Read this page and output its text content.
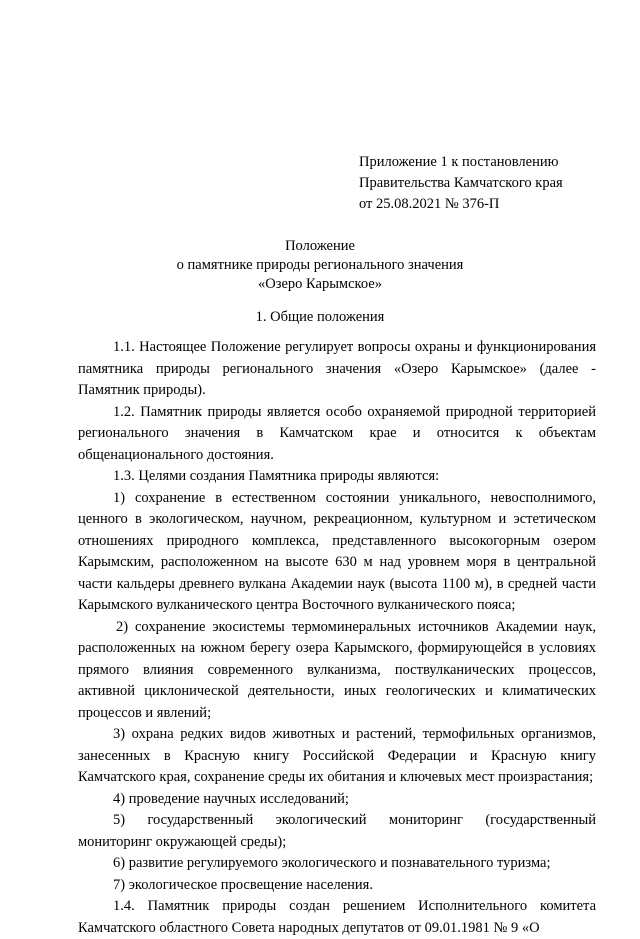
Приложение 1 к постановлению
Правительства Камчатского края
от 25.08.2021 № 376-П
Положение
о памятнике природы регионального значения
«Озеро Карымское»
1. Общие положения

1.1. Настоящее Положение регулирует вопросы охраны и функционирования памятника природы регионального значения «Озеро Карымское» (далее - Памятник природы).

1.2. Памятник природы является особо охраняемой природной территорией регионального значения в Камчатском крае и относится к объектам общенационального достояния.

1.3. Целями создания Памятника природы являются:

1) сохранение в естественном состоянии уникального, невосполнимого, ценного в экологическом, научном, рекреационном, культурном и эстетическом отношениях природного комплекса, представленного высокогорным озером Карымским, расположенном на высоте 630 м над уровнем моря в центральной части кальдеры древнего вулкана Академии наук (высота 1100 м), в средней части Карымского вулканического центра Восточного вулканического пояса;

2) сохранение экосистемы термоминеральных источников Академии наук, расположенных на южном берегу озера Карымского, формирующейся в условиях прямого влияния современного вулканизма, поствулканических процессов, активной циклонической деятельности, иных геологических и климатических процессов и явлений;

3) охрана редких видов животных и растений, термофильных организмов, занесенных в Красную книгу Российской Федерации и Красную книгу Камчатского края, сохранение среды их обитания и ключевых мест произрастания;

4) проведение научных исследований;

5) государственный экологический мониторинг (государственный мониторинг окружающей среды);

6) развитие регулируемого экологического и познавательного туризма;

7) экологическое просвещение населения.

1.4. Памятник природы создан решением Исполнительного комитета Камчатского областного Совета народных депутатов от 09.01.1981 № 9 «О
